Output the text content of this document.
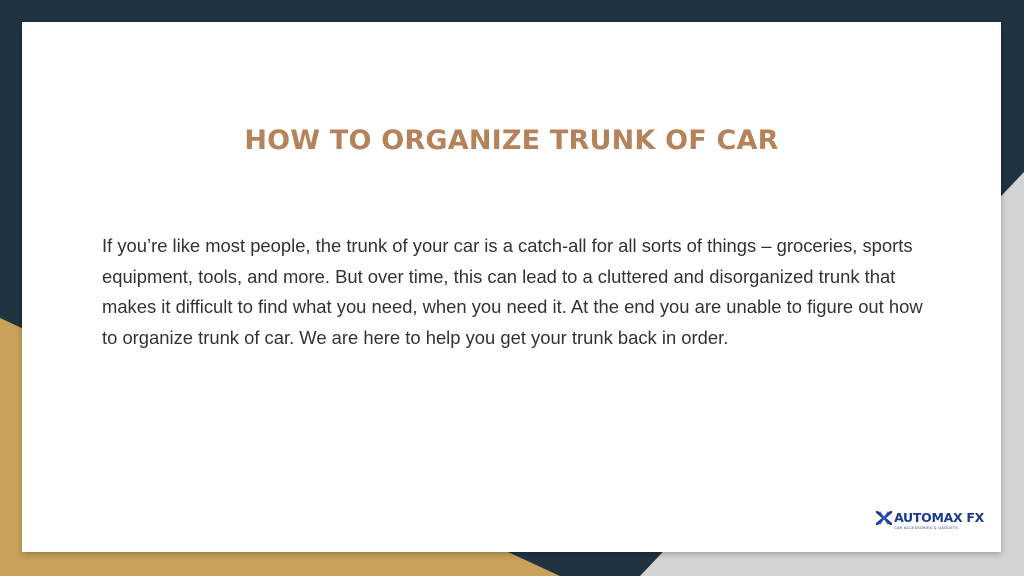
HOW TO ORGANIZE TRUNK OF CAR

If you’re like most people, the trunk of your car is a catch-all for all sorts of things – groceries, sports equipment, tools, and more. But over time, this can lead to a cluttered and disorganized trunk that makes it difficult to find what you need, when you need it. At the end you are unable to figure out how to organize trunk of car. We are here to help you get your trunk back in order.

AUTOMAX FX
CAR ACCESSORIES & GADGETS
